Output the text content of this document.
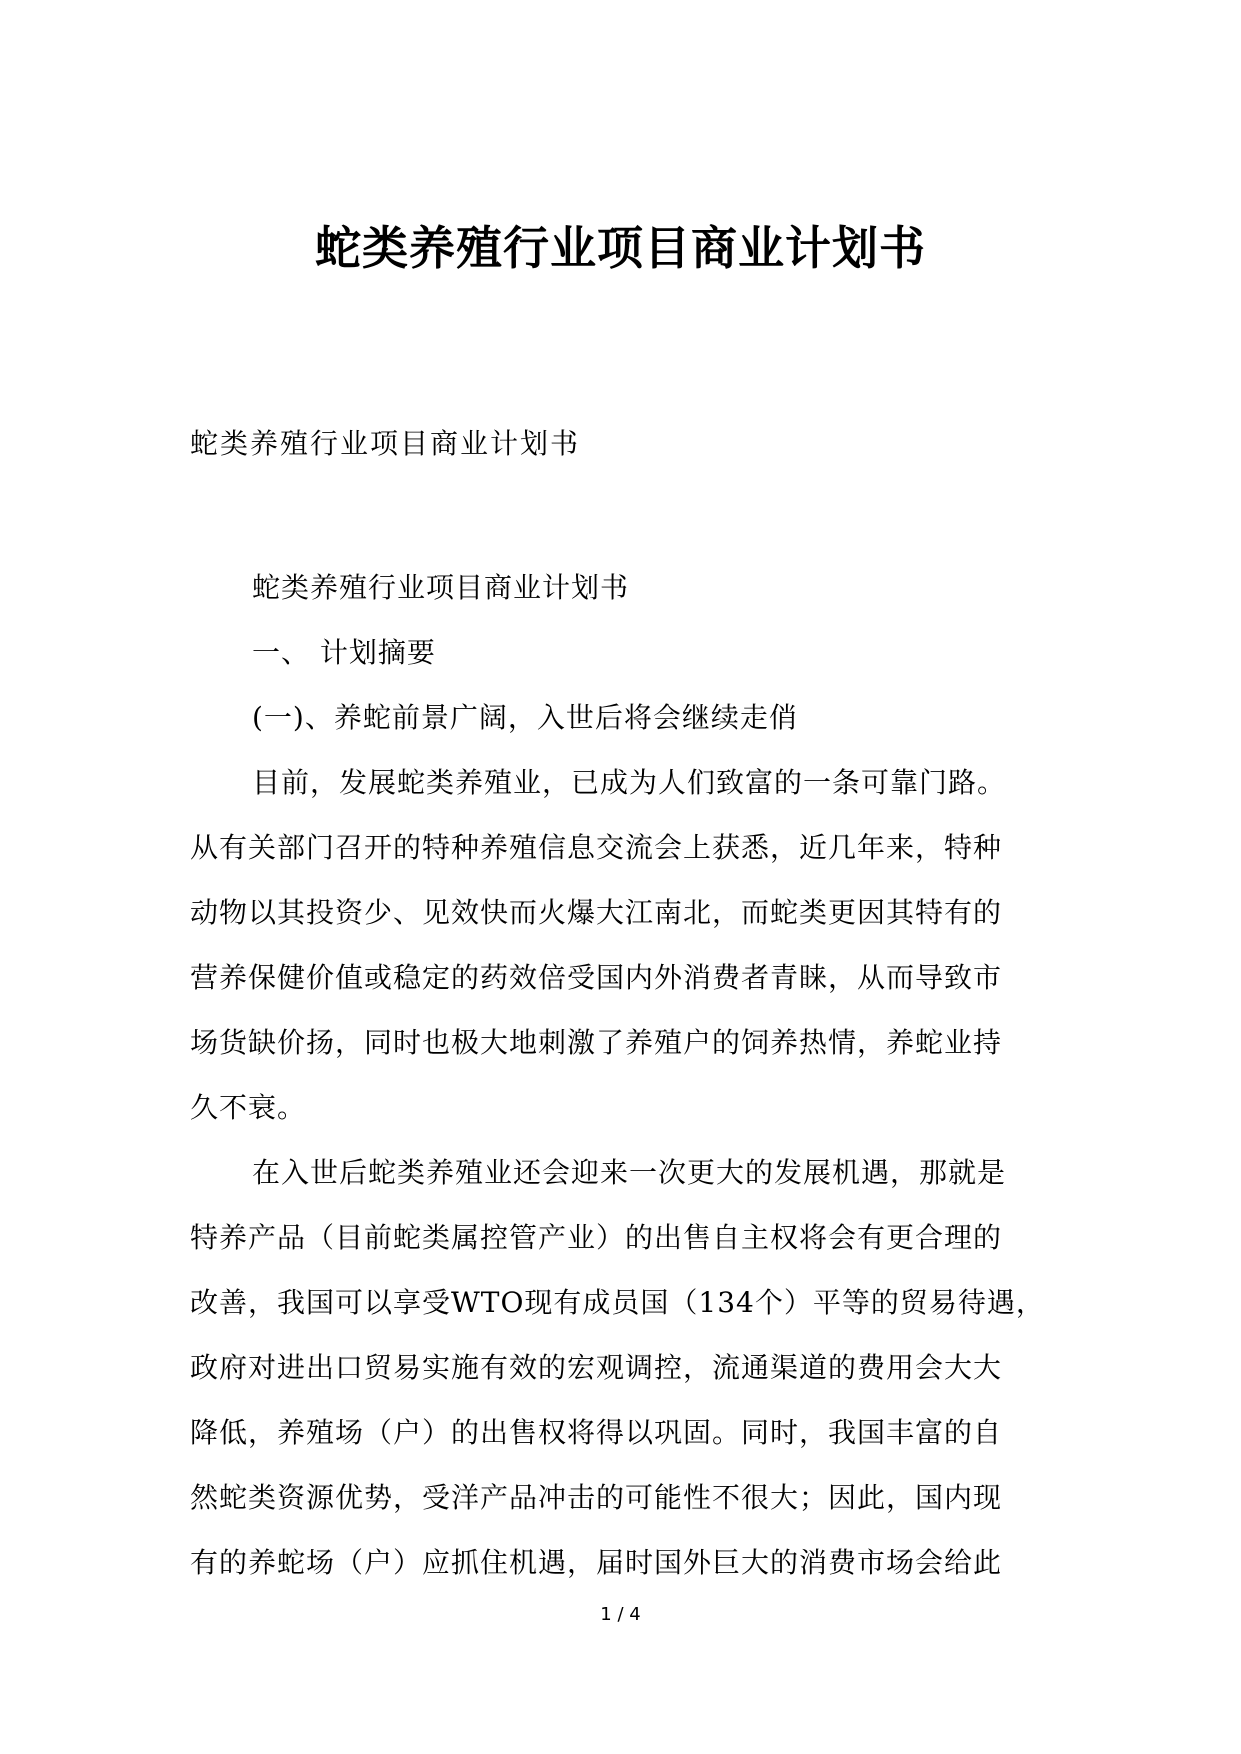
蛇类养殖行业项目商业计划书
蛇类养殖行业项目商业计划书
蛇类养殖行业项目商业计划书
一、 计划摘要
(一)、养蛇前景广阔，入世后将会继续走俏
目前，发展蛇类养殖业，已成为人们致富的一条可靠门路。
从有关部门召开的特种养殖信息交流会上获悉，近几年来，特种
动物以其投资少、见效快而火爆大江南北，而蛇类更因其特有的
营养保健价值或稳定的药效倍受国内外消费者青睐，从而导致市
场货缺价扬，同时也极大地刺激了养殖户的饲养热情，养蛇业持
久不衰。
在入世后蛇类养殖业还会迎来一次更大的发展机遇，那就是
特养产品（目前蛇类属控管产业）的出售自主权将会有更合理的
改善，我国可以享受WTO现有成员国（134个）平等的贸易待遇，
政府对进出口贸易实施有效的宏观调控，流通渠道的费用会大大
降低，养殖场（户）的出售权将得以巩固。同时，我国丰富的自
然蛇类资源优势，受洋产品冲击的可能性不很大；因此，国内现
有的养蛇场（户）应抓住机遇，届时国外巨大的消费市场会给此
1 / 4
